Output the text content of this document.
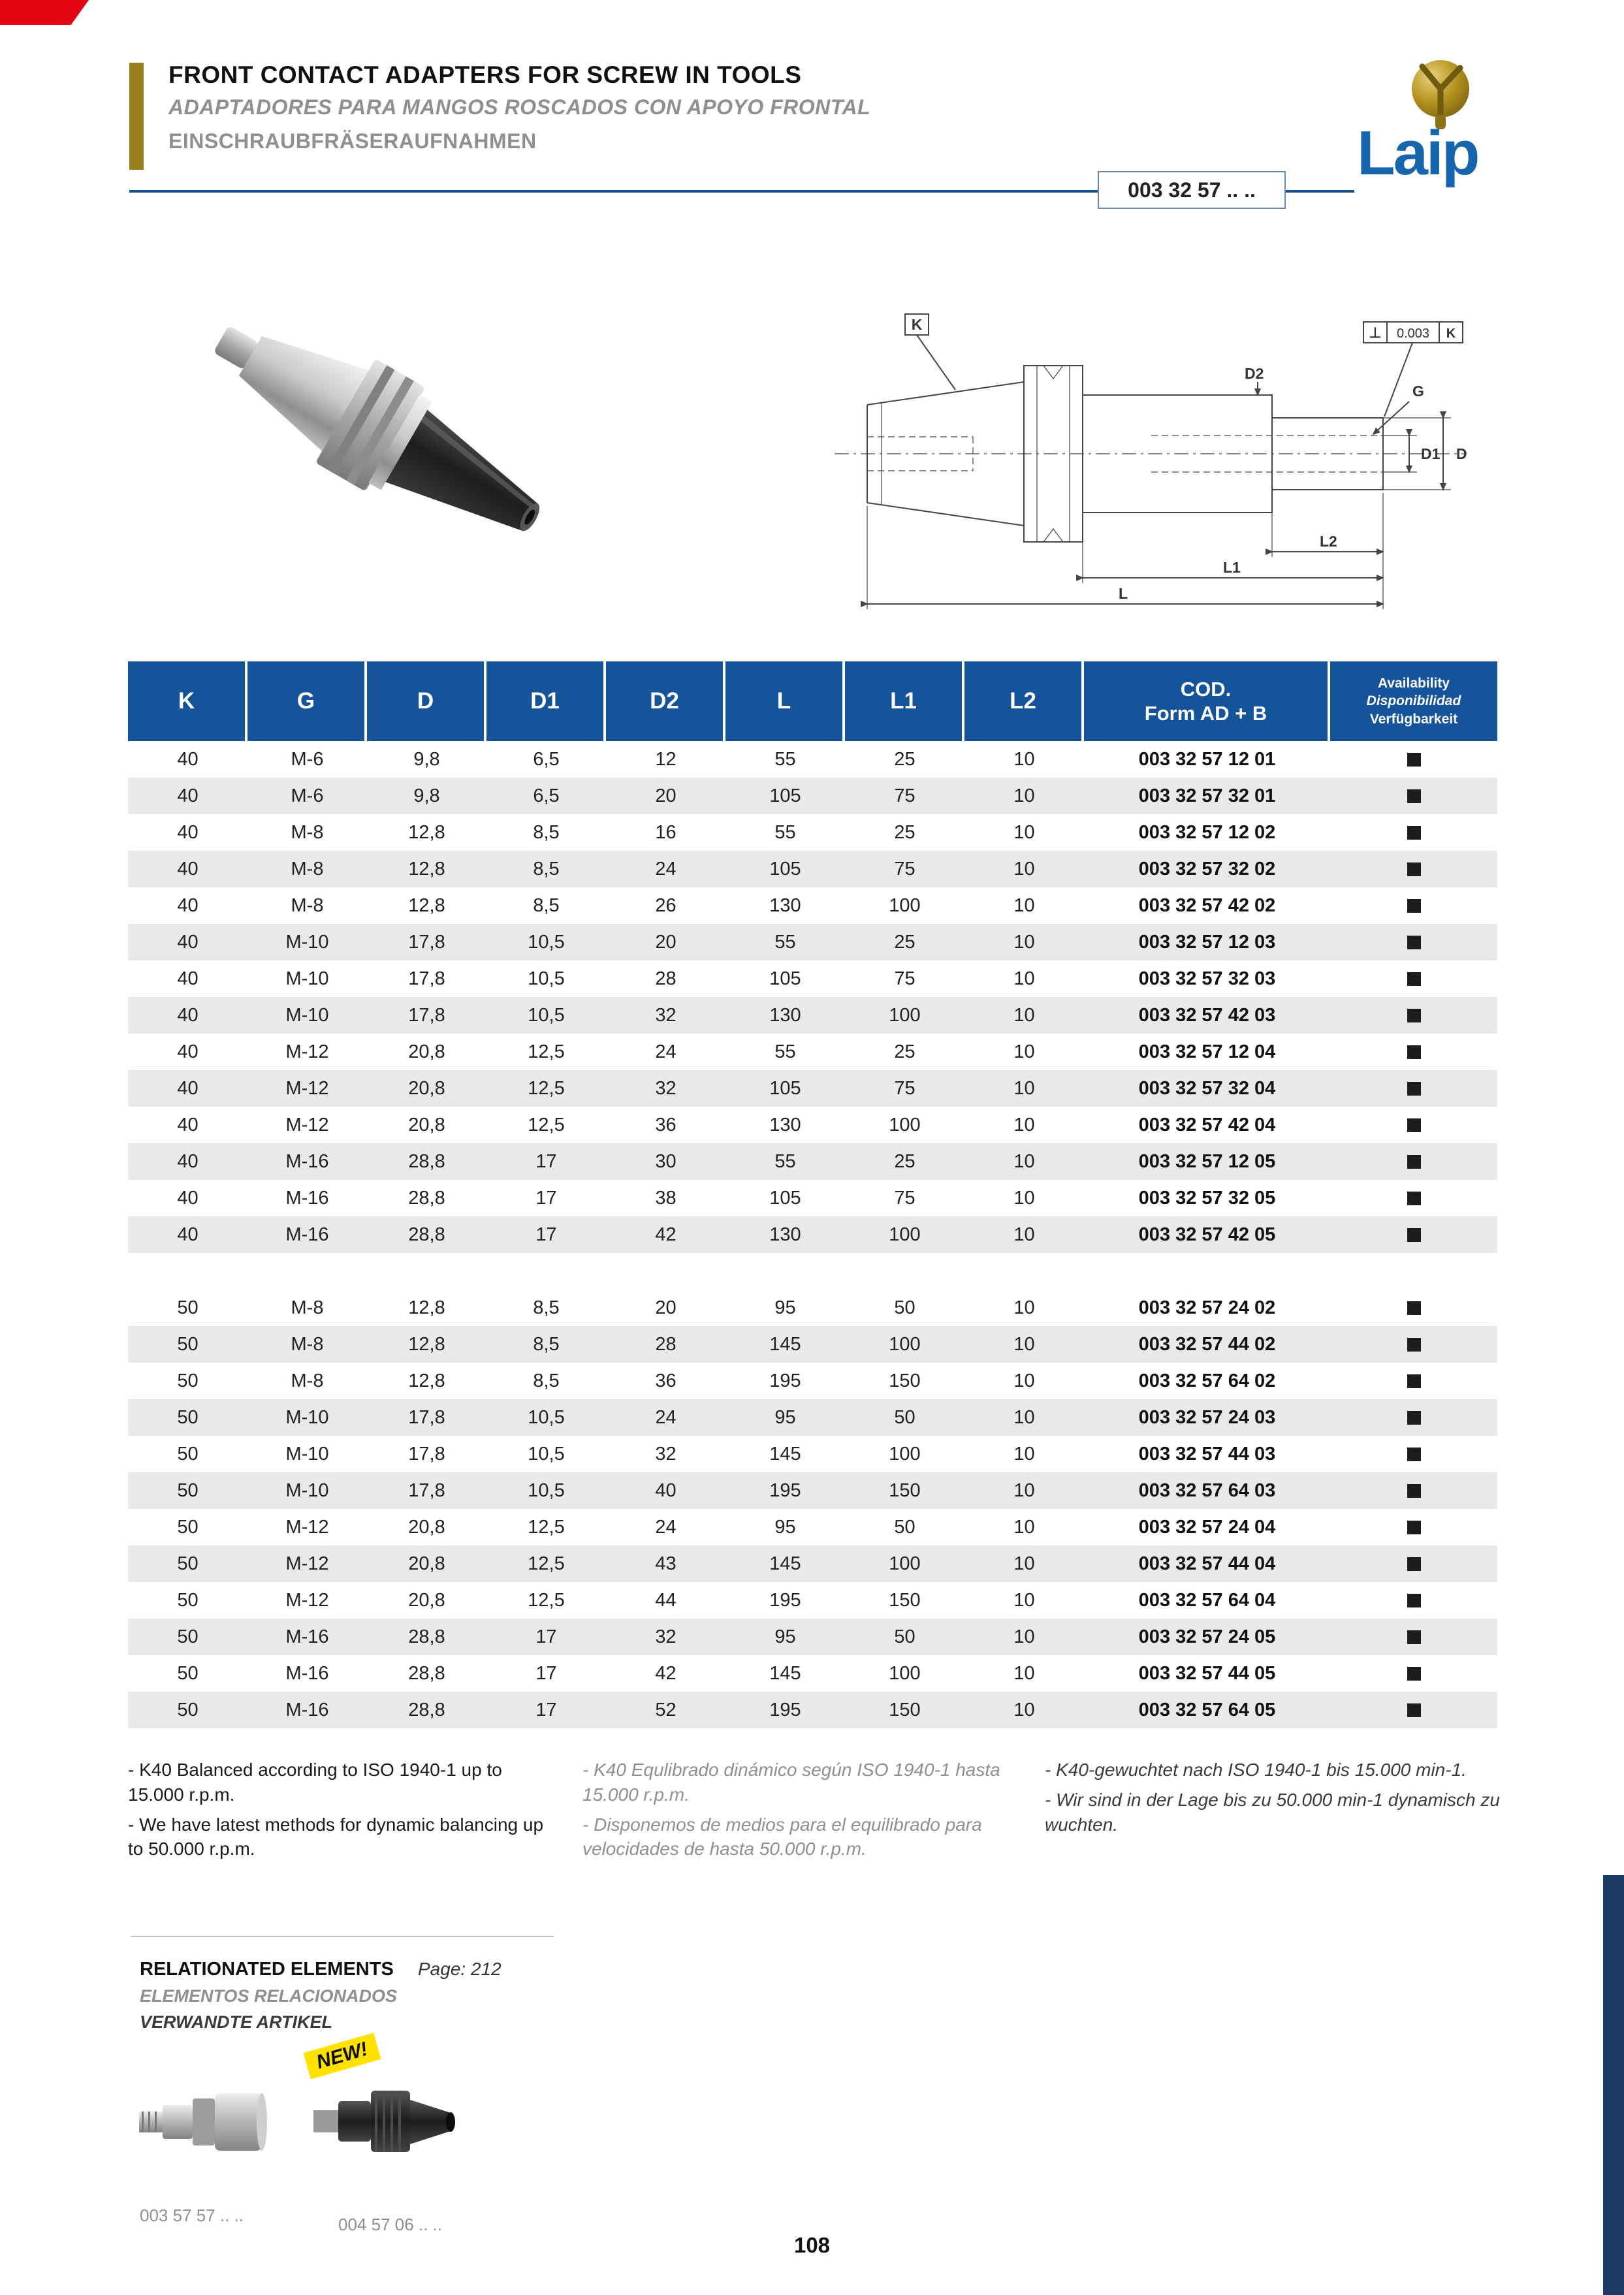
FRONT CONTACT ADAPTERS FOR SCREW IN TOOLS
ADAPTADORES PARA MANGOS ROSCADOS CON APOYO FRONTAL
EINSCHRAUBFRÄSERAUFNAHMEN
003 32 57 .. ..
Laip
K	⊥ 0.003 K
D2
G
D1 D
L2
L1
L
K	G	D	D1	D2	L	L1	L2	COD.
Form AD + B
Availability
Disponibilidad
Verfügbarkeit
40	M-6	9,8	6,5	12	55	25	10	003 32 57 12 01
40	M-6	9,8	6,5	20	105	75	10	003 32 57 32 01
40	M-8	12,8	8,5	16	55	25	10	003 32 57 12 02
40	M-8	12,8	8,5	24	105	75	10	003 32 57 32 02
40	M-8	12,8	8,5	26	130	100	10	003 32 57 42 02
40	M-10	17,8	10,5	20	55	25	10	003 32 57 12 03
40	M-10	17,8	10,5	28	105	75	10	003 32 57 32 03
40	M-10	17,8	10,5	32	130	100	10	003 32 57 42 03
40	M-12	20,8	12,5	24	55	25	10	003 32 57 12 04
40	M-12	20,8	12,5	32	105	75	10	003 32 57 32 04
40	M-12	20,8	12,5	36	130	100	10	003 32 57 42 04
40	M-16	28,8	17	30	55	25	10	003 32 57 12 05
40	M-16	28,8	17	38	105	75	10	003 32 57 32 05
40	M-16	28,8	17	42	130	100	10	003 32 57 42 05
50	M-8	12,8	8,5	20	95	50	10	003 32 57 24 02
50	M-8	12,8	8,5	28	145	100	10	003 32 57 44 02
50	M-8	12,8	8,5	36	195	150	10	003 32 57 64 02
50	M-10	17,8	10,5	24	95	50	10	003 32 57 24 03
50	M-10	17,8	10,5	32	145	100	10	003 32 57 44 03
50	M-10	17,8	10,5	40	195	150	10	003 32 57 64 03
50	M-12	20,8	12,5	24	95	50	10	003 32 57 24 04
50	M-12	20,8	12,5	43	145	100	10	003 32 57 44 04
50	M-12	20,8	12,5	44	195	150	10	003 32 57 64 04
50	M-16	28,8	17	32	95	50	10	003 32 57 24 05
50	M-16	28,8	17	42	145	100	10	003 32 57 44 05
50	M-16	28,8	17	52	195	150	10	003 32 57 64 05

- K40 Balanced according to ISO 1940-1 up to 15.000 r.p.m.

- We have latest methods for dynamic balancing up to 50.000 r.p.m.

- K40 Equlibrado dinámico según ISO 1940-1 hasta 15.000 r.p.m.

- Disponemos de medios para el equilibrado para velocidades de hasta 50.000 r.p.m.

- K40-gewuchtet nach ISO 1940-1 bis 15.000 min-1.

- Wir sind in der Lage bis zu 50.000 min-1 dynamisch zu wuchten.

RELATIONATED ELEMENTS Page: 212
ELEMENTOS RELACIONADOS
VERWANDTE ARTIKEL
NEW!
003 57 57 .. ..	004 57 06 .. ..
108
